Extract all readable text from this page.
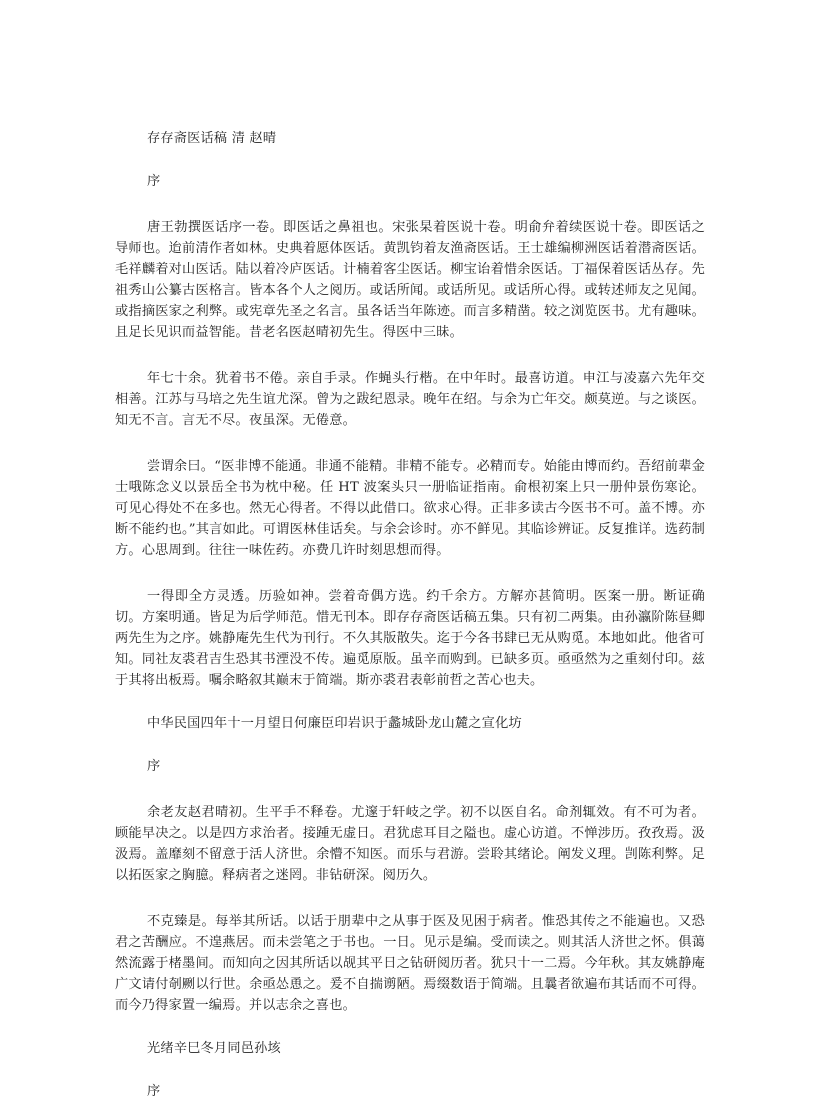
存存斋医话稿 清 赵晴

序

唐王勃撰医话序一卷。即医话之鼻祖也。宋张杲着医说十卷。明俞弁着续医说十卷。即医话之导师也。迨前清作者如林。史典着愿体医话。黄凯钧着友渔斋医话。王士雄编柳洲医话着潜斋医话。毛祥麟着对山医话。陆以着冷庐医话。计楠着客尘医话。柳宝诒着惜余医话。丁福保着医话丛存。先祖秀山公纂古医格言。皆本各个人之阅历。或话所闻。或话所见。或话所心得。或转述师友之见闻。或指摘医家之利弊。或宪章先圣之名言。虽各话当年陈迹。而言多精凿。较之浏览医书。尤有趣味。且足长见识而益智能。昔老名医赵晴初先生。得医中三昧。

年七十余。犹着书不倦。亲自手录。作蝇头行楷。在中年时。最喜访道。申江与凌嘉六先年交相善。江苏与马培之先生谊尤深。曾为之跋纪恩录。晚年在绍。与余为亡年交。颇莫逆。与之谈医。知无不言。言无不尽。夜虽深。无倦意。

尝谓余曰。“医非博不能通。非通不能精。非精不能专。必精而专。始能由博而约。吾绍前辈金士哦陈念义以景岳全书为枕中秘。任 HT 波案头只一册临证指南。俞根初案上只一册仲景伤寒论。可见心得处不在多也。然无心得者。不得以此借口。欲求心得。正非多读古今医书不可。盖不博。亦断不能约也。”其言如此。可谓医林佳话矣。与余会诊时。亦不鲜见。其临诊辨证。反复推详。选药制方。心思周到。往往一味佐药。亦费几许时刻思想而得。

一得即全方灵透。历验如神。尝着奇偶方选。约千余方。方解亦甚简明。医案一册。断证确切。方案明通。皆足为后学师范。惜无刊本。即存存斋医话稿五集。只有初二两集。由孙瀛阶陈昼卿两先生为之序。姚静庵先生代为刊行。不久其版散失。迄于今各书肆已无从购觅。本地如此。他省可知。同社友裘君吉生恐其书湮没不传。遍觅原版。虽辛而购到。已缺多页。亟亟然为之重刻付印。兹于其将出板焉。嘱余略叙其巅末于简端。斯亦裘君表彰前哲之苦心也夫。

中华民国四年十一月望日何廉臣印岩识于蠡城卧龙山麓之宣化坊

序

余老友赵君晴初。生平手不释卷。尤邃于轩岐之学。初不以医自名。命剂辄效。有不可为者。顾能早决之。以是四方求治者。接踵无虚日。君犹虑耳目之隘也。虚心访道。不惮涉历。孜孜焉。汲汲焉。盖靡刻不留意于活人济世。余懵不知医。而乐与君游。尝聆其绪论。阐发义理。剀陈利弊。足以拓医家之胸臆。释病者之迷罔。非钻研深。阅历久。

不克臻是。每举其所话。以话于朋辈中之从事于医及见困于病者。惟恐其传之不能遍也。又恐君之苦酬应。不遑燕居。而未尝笔之于书也。一日。见示是编。受而读之。则其活人济世之怀。俱蔼然流露于楮墨间。而知向之因其所话以觇其平日之钻研阅历者。犹只十一二焉。今年秋。其友姚静庵广文请付剞劂以行世。余亟怂恿之。爰不自揣谫陋。焉缀数语于简端。且曩者欲遍布其话而不可得。而今乃得家置一编焉。并以志余之喜也。

光绪辛巳冬月同邑孙垓

序
